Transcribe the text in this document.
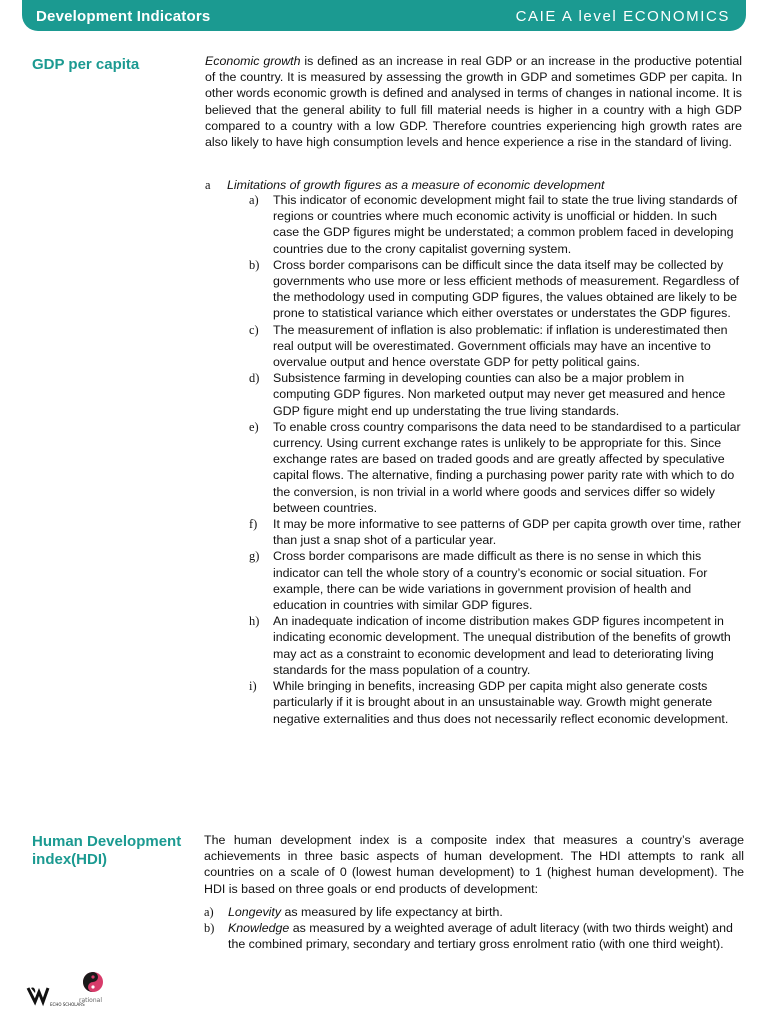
Development Indicators	CAIE A level ECONOMICS
GDP per capita	Economic growth is defined as an increase in real GDP or an increase in the productive potential of the country. It is measured by assessing the growth in GDP and sometimes GDP per capita. In other words economic growth is defined and analysed in terms of changes in national income. It is believed that the general ability to full fill material needs is higher in a country with a high GDP compared to a country with a low GDP. Therefore countries experiencing high growth rates are also likely to have high consumption levels and hence experience a rise in the standard of living.

a Limitations of growth figures as a measure of economic development
a) This indicator of economic development might fail to state the true living standards of regions or countries where much economic activity is unofficial or hidden. In such case the GDP figures might be understated; a common problem faced in developing countries due to the crony capitalist governing system.
b) Cross border comparisons can be difficult since the data itself may be collected by governments who use more or less efficient methods of measurement. Regardless of the methodology used in computing GDP figures, the values obtained are likely to be prone to statistical variance which either overstates or understates the GDP figures.
c) The measurement of inflation is also problematic: if inflation is underestimated then real output will be overestimated. Government officials may have an incentive to overvalue output and hence overstate GDP for petty political gains.
d) Subsistence farming in developing counties can also be a major problem in computing GDP figures. Non marketed output may never get measured and hence GDP figure might end up understating the true living standards.
e) To enable cross country comparisons the data need to be standardised to a particular currency. Using current exchange rates is unlikely to be appropriate for this. Since exchange rates are based on traded goods and are greatly affected by speculative capital flows. The alternative, finding a purchasing power parity rate with which to do the conversion, is non trivial in a world where goods and services differ so widely between countries.
f) It may be more informative to see patterns of GDP per capita growth over time, rather than just a snap shot of a particular year.
g) Cross border comparisons are made difficult as there is no sense in which this indicator can tell the whole story of a country’s economic or social situation. For example, there can be wide variations in government provision of health and education in countries with similar GDP figures.
h) An inadequate indication of income distribution makes GDP figures incompetent in indicating economic development. The unequal distribution of the benefits of growth may act as a constraint to economic development and lead to deteriorating living standards for the mass population of a country.
i) While bringing in benefits, increasing GDP per capita might also generate costs particularly if it is brought about in an unsustainable way. Growth might generate negative externalities and thus does not necessarily reflect economic development.
Human Development index(HDI)

The human development index is a composite index that measures a country’s average achievements in three basic aspects of human development. The HDI attempts to rank all countries on a scale of 0 (lowest human development) to 1 (highest human development). The HDI is based on three goals or end products of development:

a) Longevity as measured by life expectancy at birth.
b) Knowledge as measured by a weighted average of adult literacy (with two thirds weight) and the combined primary, secondary and tertiary gross enrolment ratio (with one third weight).
ECHO SCHOLARS
rational
